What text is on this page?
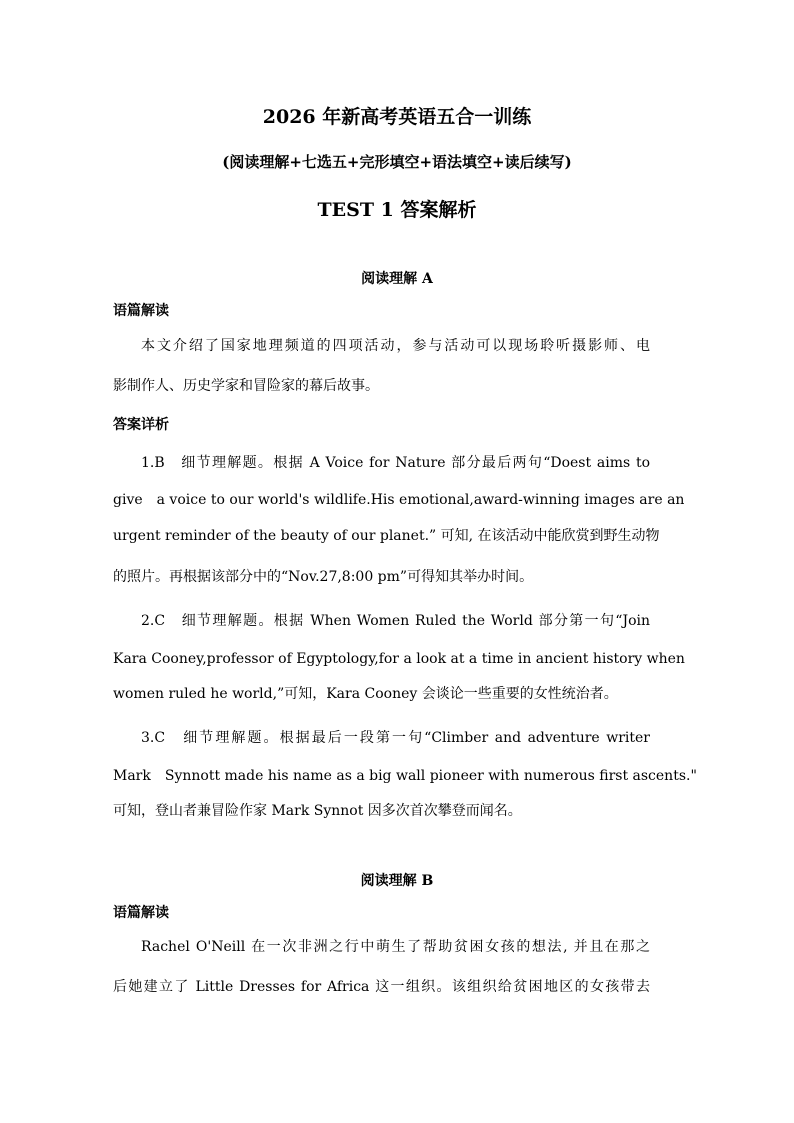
2026 年新高考英语五合一训练
(阅读理解+七选五+完形填空+语法填空+读后续写)
TEST 1 答案解析
阅读理解 A
语篇解读
本文介绍了国家地理频道的四项活动，参与活动可以现场聆听摄影师、电
影制作人、历史学家和冒险家的幕后故事。
答案详析
1.B　细节理解题。根据 A Voice for Nature 部分最后两句“Doest aims to
give　a voice to our world's wildlife.His emotional,award-winning images are an
urgent reminder of the beauty of our planet.” 可知, 在该活动中能欣赏到野生动物
的照片。再根据该部分中的“Nov.27,8:00 pm”可得知其举办时间。
2.C　细节理解题。根据 When Women Ruled the World 部分第一句“Join
Kara Cooney,professor of Egyptology,for a look at a time in ancient history when
women ruled he world,”可知，Kara Cooney 会谈论一些重要的女性统治者。
3.C　细节理解题。根据最后一段第一句“Climber and adventure writer
Mark　Synnott made his name as a big wall pioneer with numerous first ascents."
可知，登山者兼冒险作家 Mark Synnot 因多次首次攀登而闻名。
阅读理解 B
语篇解读
Rachel O'Neill 在一次非洲之行中萌生了帮助贫困女孩的想法, 并且在那之
后她建立了 Little Dresses for Africa 这一组织。该组织给贫困地区的女孩带去
